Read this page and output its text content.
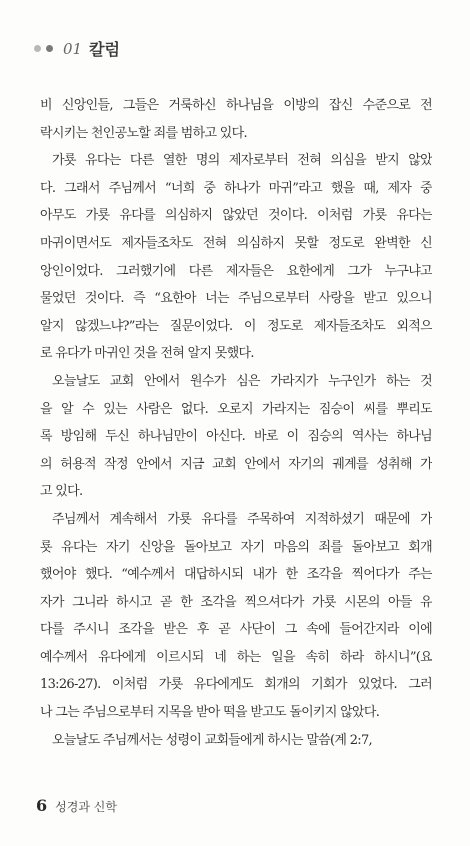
01 칼럼
비 신앙인들, 그들은 거룩하신 하나님을 이방의 잡신 수준으로 전
락시키는 천인공노할 죄를 범하고 있다.
가룟 유다는 다른 열한 명의 제자로부터 전혀 의심을 받지 않았
다. 그래서 주님께서 “너희 중 하나가 마귀”라고 했을 때, 제자 중
아무도 가룟 유다를 의심하지 않았던 것이다. 이처럼 가룟 유다는
마귀이면서도 제자들조차도 전혀 의심하지 못할 정도로 완벽한 신
앙인이었다. 그러했기에 다른 제자들은 요한에게 그가 누구냐고
물었던 것이다. 즉 “요한아 너는 주님으로부터 사랑을 받고 있으니
알지 않겠느냐?”라는 질문이었다. 이 정도로 제자들조차도 외적으
로 유다가 마귀인 것을 전혀 알지 못했다.
오늘날도 교회 안에서 원수가 심은 가라지가 누구인가 하는 것
을 알 수 있는 사람은 없다. 오로지 가라지는 짐승이 씨를 뿌리도
록 방임해 두신 하나님만이 아신다. 바로 이 짐승의 역사는 하나님
의 허용적 작정 안에서 지금 교회 안에서 자기의 궤계를 성취해 가
고 있다.
주님께서 계속해서 가룟 유다를 주목하여 지적하셨기 때문에 가
룟 유다는 자기 신앙을 돌아보고 자기 마음의 죄를 돌아보고 회개
했어야 했다. “예수께서 대답하시되 내가 한 조각을 찍어다가 주는
자가 그니라 하시고 곧 한 조각을 찍으셔다가 가룟 시몬의 아들 유
다를 주시니 조각을 받은 후 곧 사단이 그 속에 들어간지라 이에
예수께서 유다에게 이르시되 네 하는 일을 속히 하라 하시니”(요
13:26-27). 이처럼 가룟 유다에게도 회개의 기회가 있었다. 그러
나 그는 주님으로부터 지목을 받아 떡을 받고도 돌이키지 않았다.
오늘날도 주님께서는 성령이 교회들에게 하시는 말씀(계 2:7,
6 성경과 신학
